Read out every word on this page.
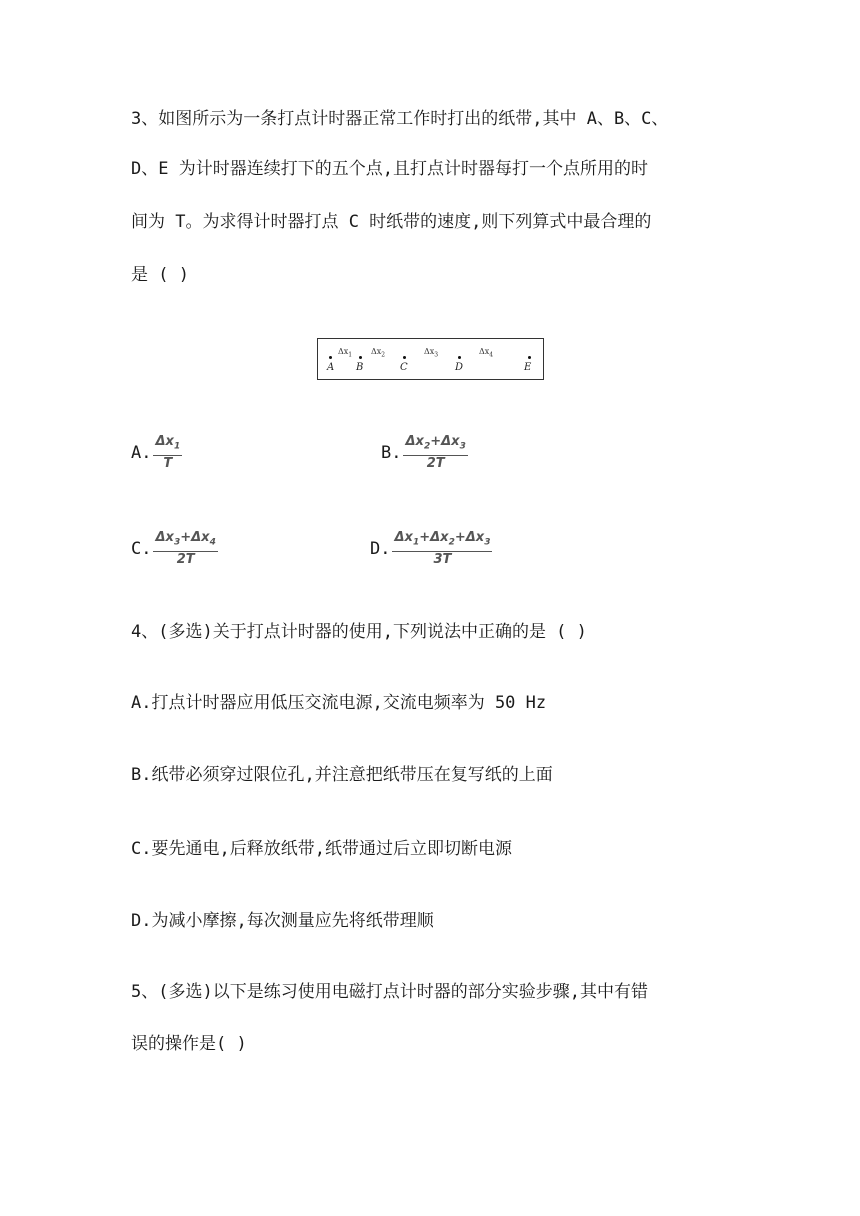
3、如图所示为一条打点计时器正常工作时打出的纸带,其中 A、B、C、
D、E 为计时器连续打下的五个点,且打点计时器每打一个点所用的时
间为 T。为求得计时器打点 C 时纸带的速度,则下列算式中最合理的
是 ( )
A B	C	D	E
$\Delta x_1$ $\Delta x_2$	$\Delta x_3$	$\Delta x_4$
A. $\frac{\Delta x_1}{T}$	B. $\frac{\Delta x_2+\Delta x_3}{2T}$
C. $\frac{\Delta x_3+\Delta x_4}{2T}$	D. $\frac{\Delta x_1+\Delta x_2+\Delta x_3}{3T}$
4、(多选)关于打点计时器的使用,下列说法中正确的是 ( )
A.打点计时器应用低压交流电源,交流电频率为 50 Hz
B.纸带必须穿过限位孔,并注意把纸带压在复写纸的上面
C.要先通电,后释放纸带,纸带通过后立即切断电源
D.为减小摩擦,每次测量应先将纸带理顺
5、(多选)以下是练习使用电磁打点计时器的部分实验步骤,其中有错
误的操作是( )
